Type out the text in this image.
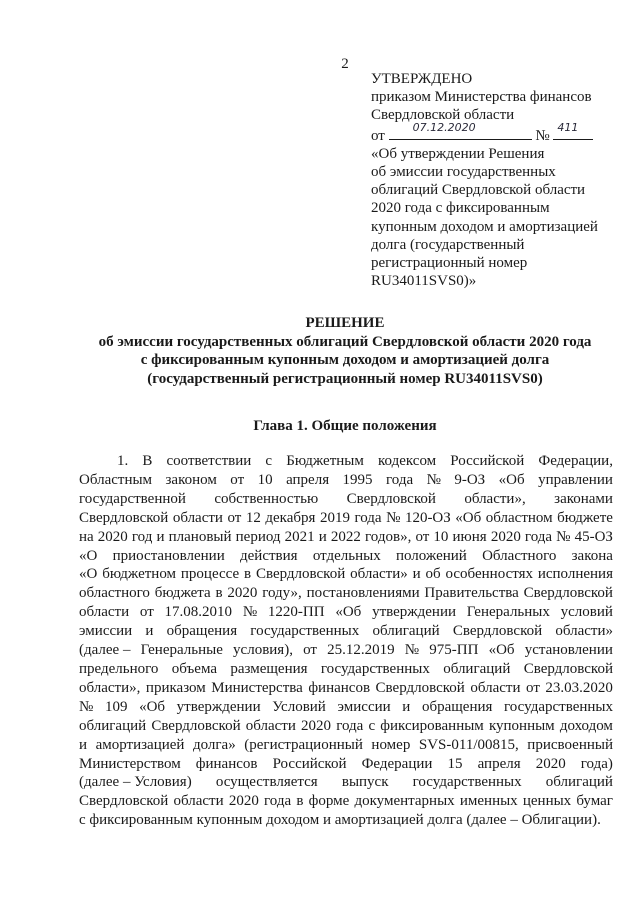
2
УТВЕРЖДЕНО
приказом Министерства финансов
Свердловской области
от	07.12.2020	№ 411
«Об утверждении Решения
об эмиссии государственных
облигаций Свердловской области
2020 года с фиксированным
купонным доходом и амортизацией
долга (государственный
регистрационный номер
RU34011SVS0)»
РЕШЕНИЕ
об эмиссии государственных облигаций Свердловской области 2020 года
с фиксированным купонным доходом и амортизацией долга
(государственный регистрационный номер RU34011SVS0)
Глава 1. Общие положения
1. В соответствии с Бюджетным кодексом Российской Федерации,
Областным законом от 10 апреля 1995 года № 9-ОЗ «Об управлении
государственной собственностью Свердловской области», законами
Свердловской области от 12 декабря 2019 года № 120-ОЗ «Об областном бюджете
на 2020 год и плановый период 2021 и 2022 годов», от 10 июня 2020 года № 45-ОЗ
«О приостановлении действия отдельных положений Областного закона
«О бюджетном процессе в Свердловской области» и об особенностях исполнения
областного бюджета в 2020 году», постановлениями Правительства Свердловской
области от 17.08.2010 № 1220-ПП «Об утверждении Генеральных условий
эмиссии и обращения государственных облигаций Свердловской области»
(далее – Генеральные условия), от 25.12.2019 № 975-ПП «Об установлении
предельного объема размещения государственных облигаций Свердловской
области», приказом Министерства финансов Свердловской области от 23.03.2020
№ 109 «Об утверждении Условий эмиссии и обращения государственных
облигаций Свердловской области 2020 года с фиксированным купонным доходом
и амортизацией долга» (регистрационный номер SVS-011/00815, присвоенный
Министерством финансов Российской Федерации 15 апреля 2020 года)
(далее – Условия) осуществляется выпуск государственных облигаций
Свердловской области 2020 года в форме документарных именных ценных бумаг
с фиксированным купонным доходом и амортизацией долга (далее – Облигации).
